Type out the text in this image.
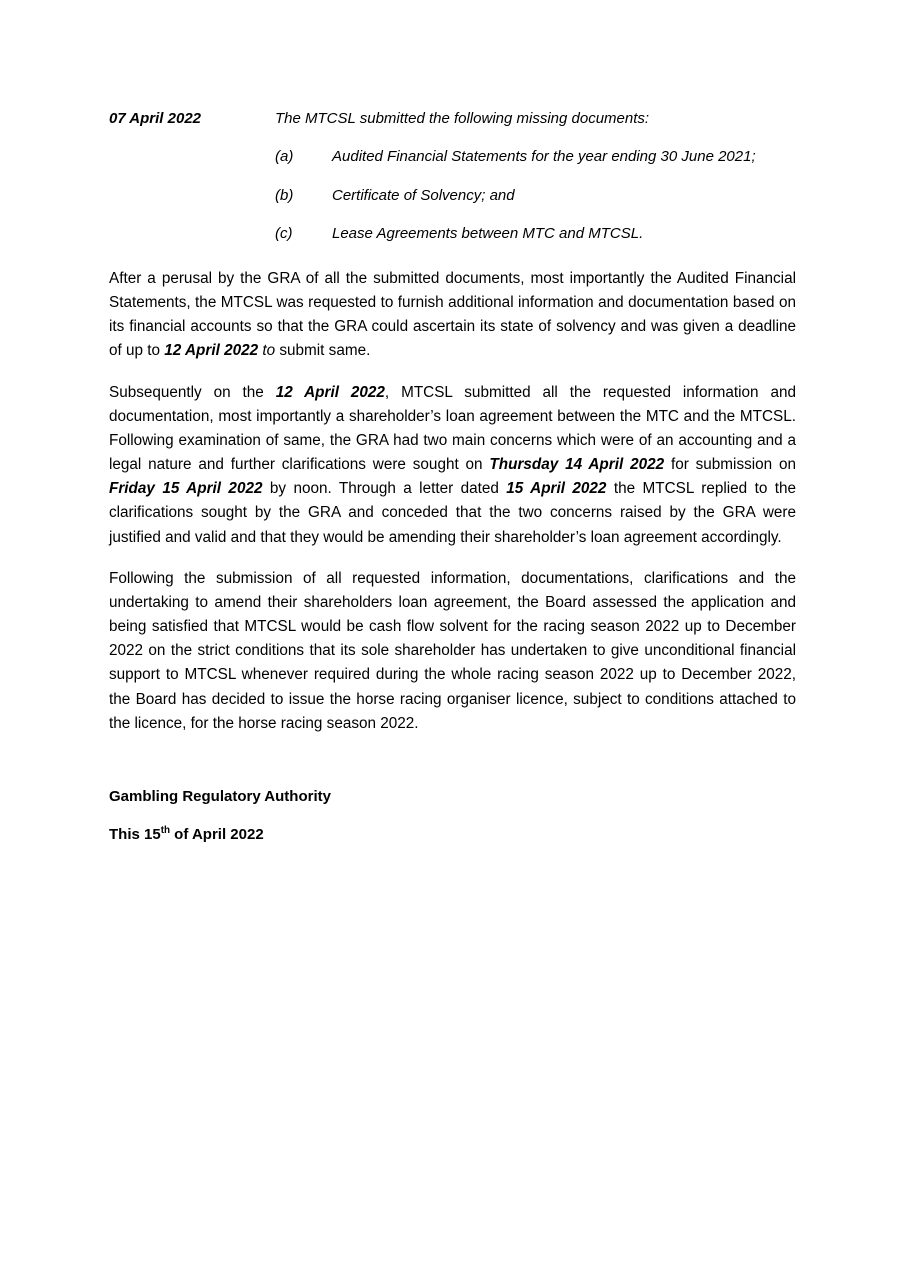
07 April 2022	The MTCSL submitted the following missing documents:
(a)	Audited Financial Statements for the year ending 30 June 2021;
(b)	Certificate of Solvency; and
(c)	Lease Agreements between MTC and MTCSL.

After a perusal by the GRA of all the submitted documents, most importantly the Audited Financial Statements, the MTCSL was requested to furnish additional information and documentation based on its financial accounts so that the GRA could ascertain its state of solvency and was given a deadline of up to 12 April 2022 to submit same.

Subsequently on the 12 April 2022, MTCSL submitted all the requested information and documentation, most importantly a shareholder’s loan agreement between the MTC and the MTCSL. Following examination of same, the GRA had two main concerns which were of an accounting and a legal nature and further clarifications were sought on Thursday 14 April 2022 for submission on Friday 15 April 2022 by noon. Through a letter dated 15 April 2022 the MTCSL replied to the clarifications sought by the GRA and conceded that the two concerns raised by the GRA were justified and valid and that they would be amending their shareholder’s loan agreement accordingly.

Following the submission of all requested information, documentations, clarifications and the undertaking to amend their shareholders loan agreement, the Board assessed the application and being satisfied that MTCSL would be cash flow solvent for the racing season 2022 up to December 2022 on the strict conditions that its sole shareholder has undertaken to give unconditional financial support to MTCSL whenever required during the whole racing season 2022 up to December 2022, the Board has decided to issue the horse racing organiser licence, subject to conditions attached to the licence, for the horse racing season 2022.

Gambling Regulatory Authority
This 15th of April 2022
